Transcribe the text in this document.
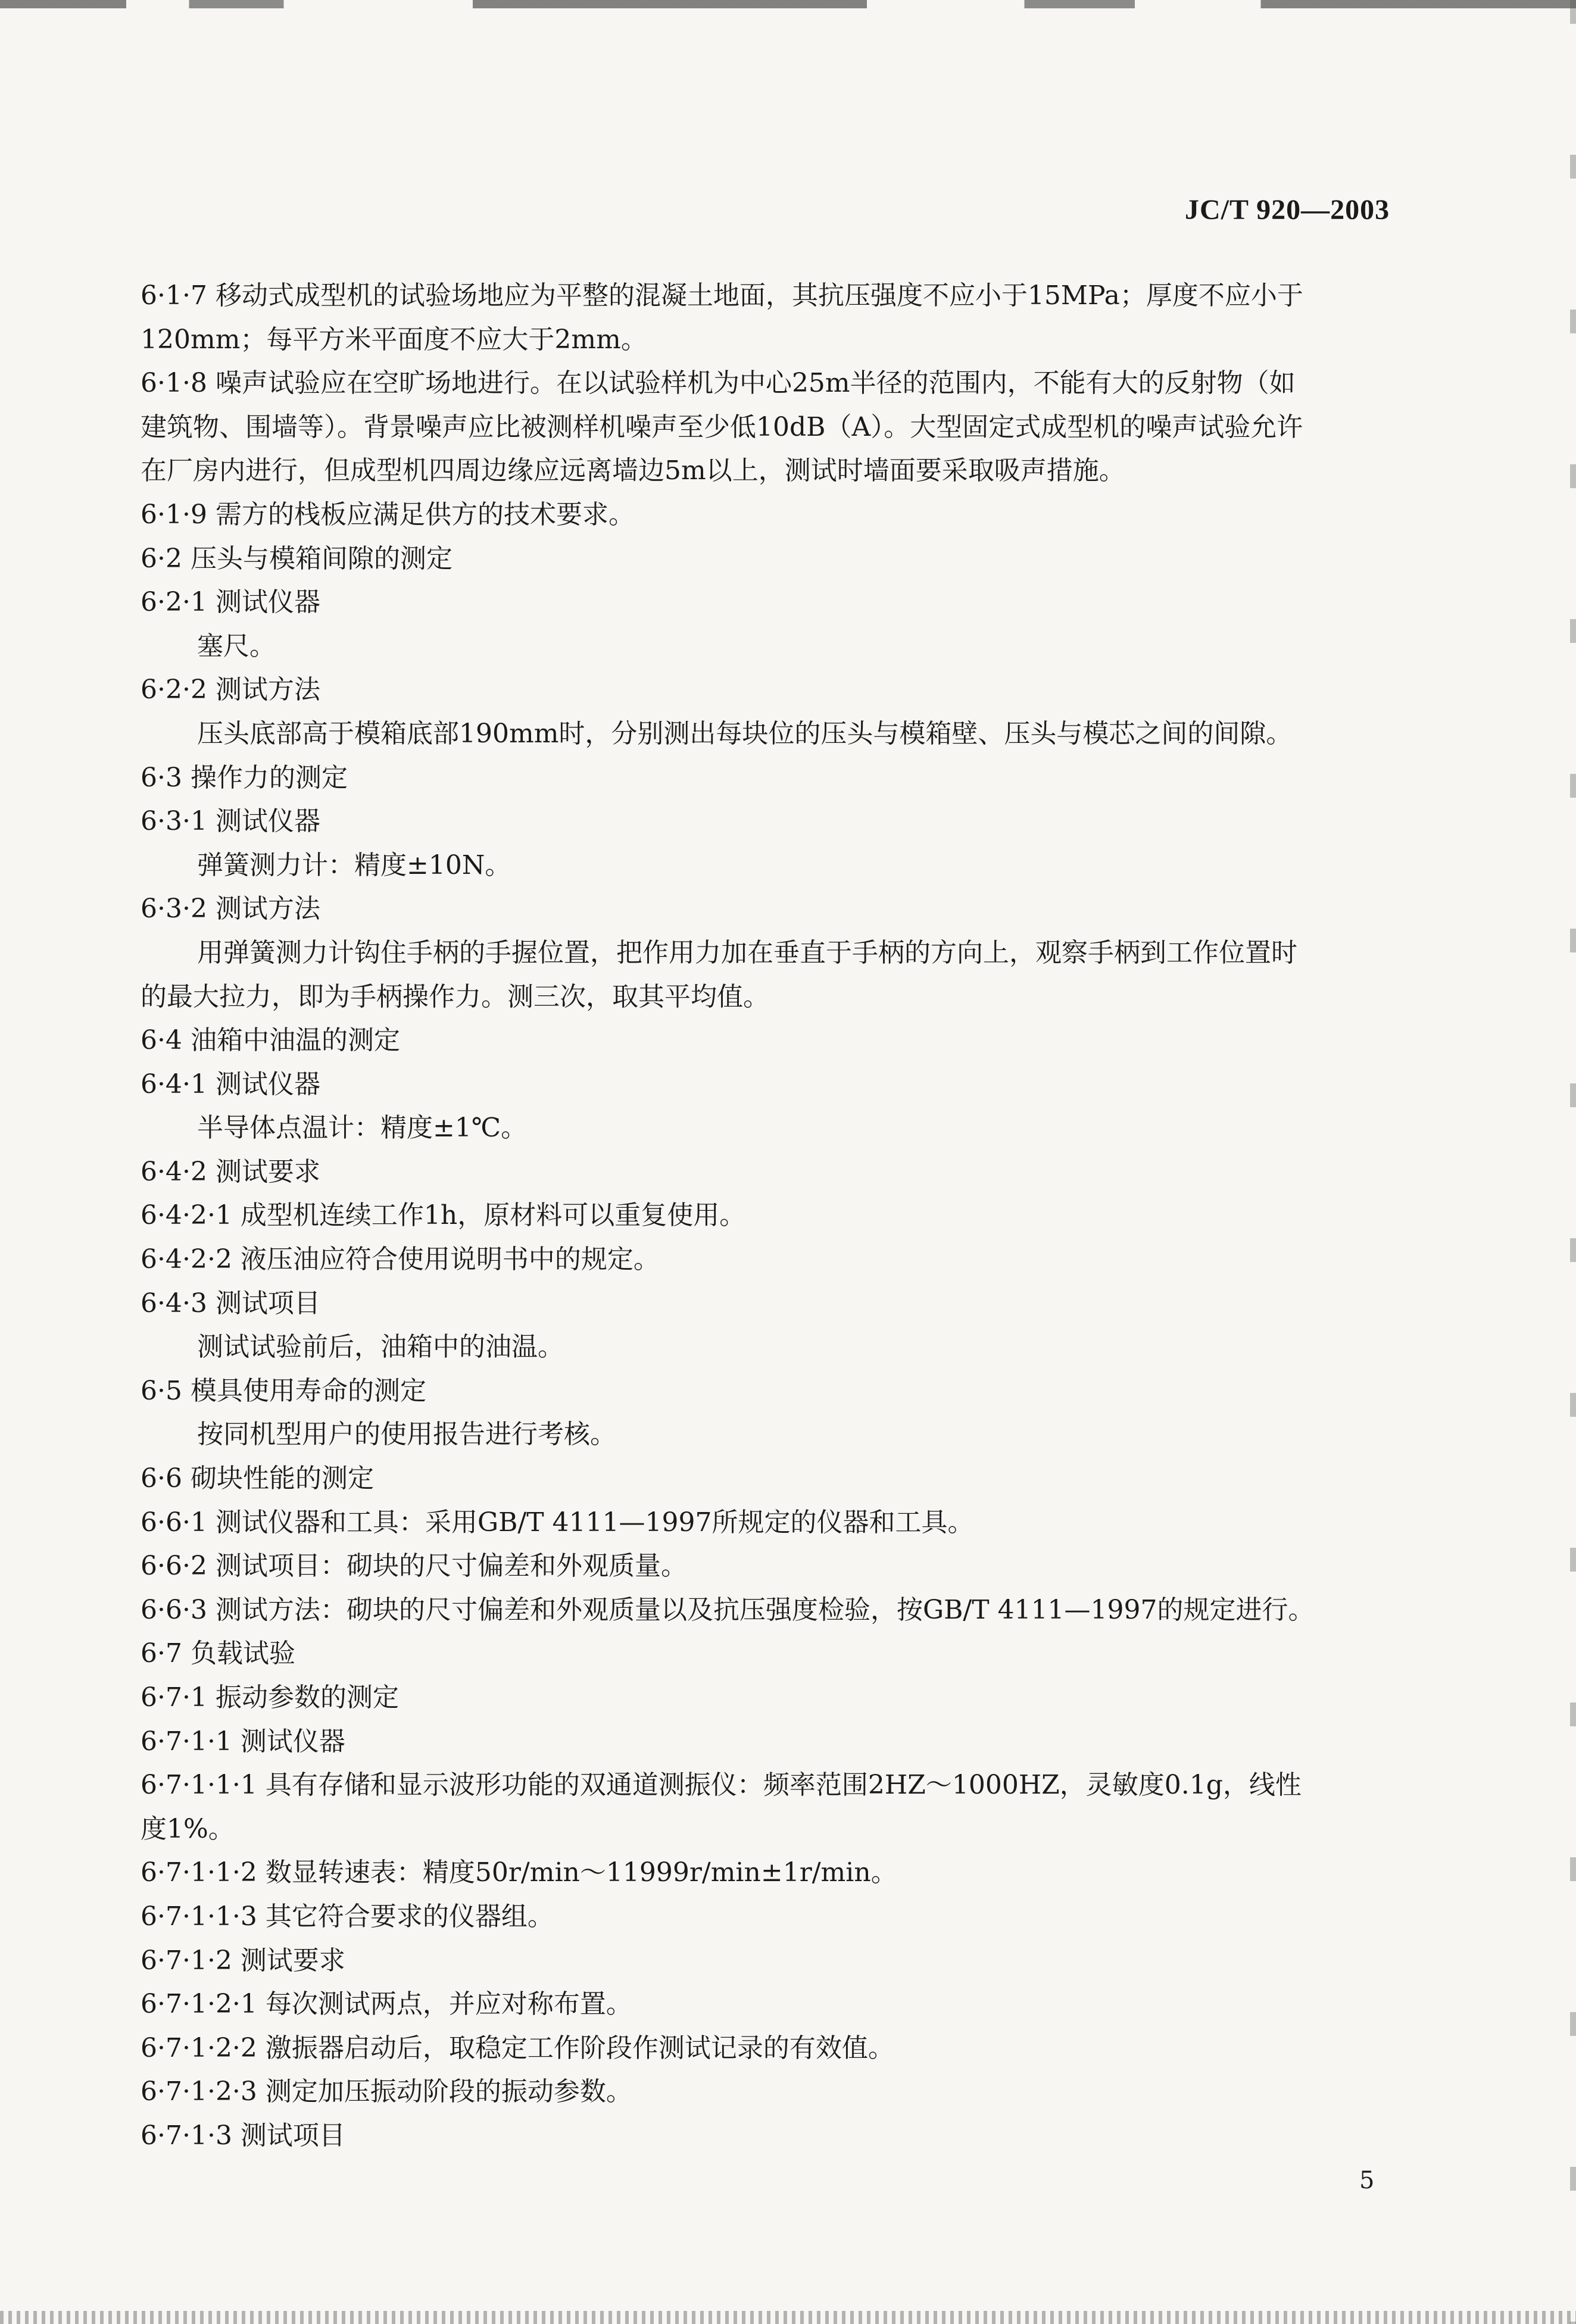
JC/T 920—2003
6·1·7 移动式成型机的试验场地应为平整的混凝土地面，其抗压强度不应小于15MPa；厚度不应小于
120mm；每平方米平面度不应大于2mm。
6·1·8 噪声试验应在空旷场地进行。在以试验样机为中心25m半径的范围内，不能有大的反射物（如
建筑物、围墙等）。背景噪声应比被测样机噪声至少低10dB（A）。大型固定式成型机的噪声试验允许
在厂房内进行，但成型机四周边缘应远离墙边5m以上，测试时墙面要采取吸声措施。
6·1·9 需方的栈板应满足供方的技术要求。
6·2 压头与模箱间隙的测定
6·2·1 测试仪器
塞尺。
6·2·2 测试方法
压头底部高于模箱底部190mm时，分别测出每块位的压头与模箱壁、压头与模芯之间的间隙。
6·3 操作力的测定
6·3·1 测试仪器
弹簧测力计：精度±10N。
6·3·2 测试方法
用弹簧测力计钩住手柄的手握位置，把作用力加在垂直于手柄的方向上，观察手柄到工作位置时
的最大拉力，即为手柄操作力。测三次，取其平均值。
6·4 油箱中油温的测定
6·4·1 测试仪器
半导体点温计：精度±1℃。
6·4·2 测试要求
6·4·2·1 成型机连续工作1h，原材料可以重复使用。
6·4·2·2 液压油应符合使用说明书中的规定。
6·4·3 测试项目
测试试验前后，油箱中的油温。
6·5 模具使用寿命的测定
按同机型用户的使用报告进行考核。
6·6 砌块性能的测定
6·6·1 测试仪器和工具：采用GB/T 4111—1997所规定的仪器和工具。
6·6·2 测试项目：砌块的尺寸偏差和外观质量。
6·6·3 测试方法：砌块的尺寸偏差和外观质量以及抗压强度检验，按GB/T 4111—1997的规定进行。
6·7 负载试验
6·7·1 振动参数的测定
6·7·1·1 测试仪器
6·7·1·1·1 具有存储和显示波形功能的双通道测振仪：频率范围2HZ～1000HZ，灵敏度0.1g，线性
度1%。
6·7·1·1·2 数显转速表：精度50r/min～11999r/min±1r/min。
6·7·1·1·3 其它符合要求的仪器组。
6·7·1·2 测试要求
6·7·1·2·1 每次测试两点，并应对称布置。
6·7·1·2·2 激振器启动后，取稳定工作阶段作测试记录的有效值。
6·7·1·2·3 测定加压振动阶段的振动参数。
6·7·1·3 测试项目
5
